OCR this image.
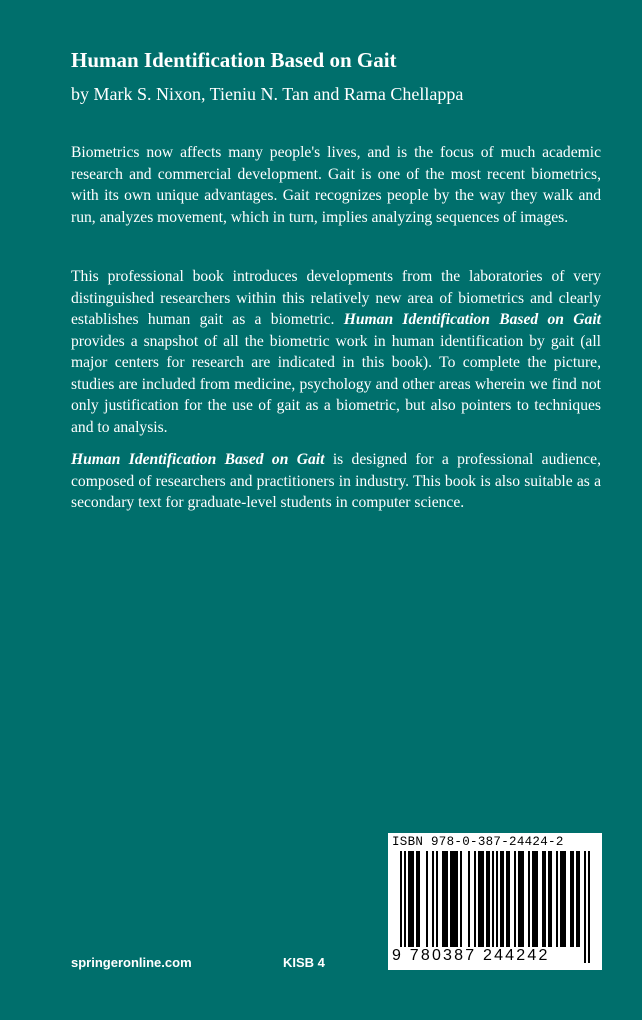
Human Identification Based on Gait
by Mark S. Nixon, Tieniu N. Tan and Rama Chellappa

Biometrics now affects many people's lives, and is the focus of much academic research and commercial development. Gait is one of the most recent biometrics, with its own unique advantages. Gait recognizes people by the way they walk and run, analyzes movement, which in turn, implies analyzing sequences of images.

This professional book introduces developments from the laboratories of very distinguished researchers within this relatively new area of biometrics and clearly establishes human gait as a biometric. Human Identification Based on Gait provides a snapshot of all the biometric work in human identification by gait (all major centers for research are indicated in this book). To complete the picture, studies are included from medicine, psychology and other areas wherein we find not only justification for the use of gait as a biometric, but also pointers to techniques and to analysis.

Human Identification Based on Gait is designed for a professional audience, composed of researchers and practitioners in industry. This book is also suitable as a secondary text for graduate-level students in computer science.

springeronline.com	KISB 4
ISBN 978-0-387-24424-2
9 780387 244242
